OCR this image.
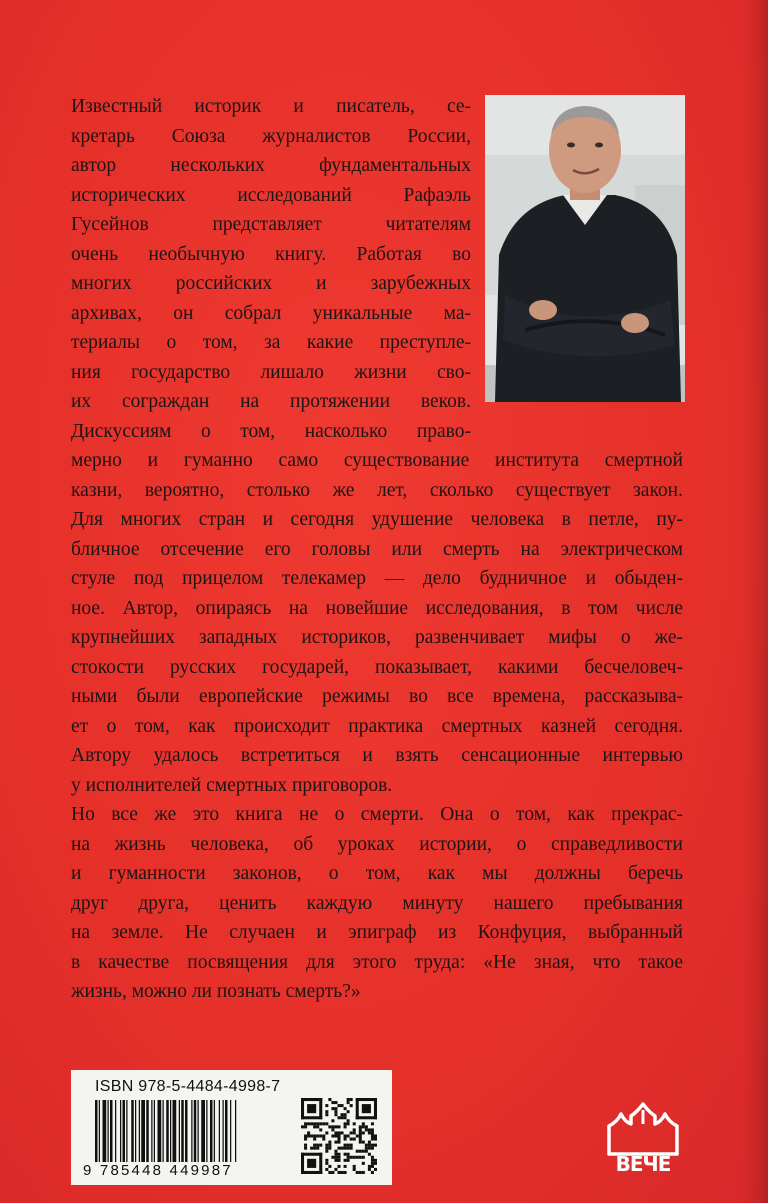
Известный историк и писатель, се-
кретарь Союза журналистов России,
автор нескольких фундаментальных
исторических исследований Рафаэль
Гусейнов представляет читателям
очень необычную книгу. Работая во
многих российских и зарубежных
архивах, он собрал уникальные ма-
териалы о том, за какие преступле-
ния государство лишало жизни сво-
их сограждан на протяжении веков.
Дискуссиям о том, насколько право-

мерно и гуманно само существование института смертной
казни, вероятно, столько же лет, сколько существует закон.
Для многих стран и сегодня удушение человека в петле, пу-
бличное отсечение его головы или смерть на электрическом
стуле под прицелом телекамер — дело будничное и обыден-
ное. Автор, опираясь на новейшие исследования, в том числе
крупнейших западных историков, развенчивает мифы о же-
стокости русских государей, показывает, какими бесчеловеч-
ными были европейские режимы во все времена, рассказыва-
ет о том, как происходит практика смертных казней сегодня.
Автору удалось встретиться и взять сенсационные интервью
у исполнителей смертных приговоров.

Но все же это книга не о смерти. Она о том, как прекрас-
на жизнь человека, об уроках истории, о справедливости
и гуманности законов, о том, как мы должны беречь
друг друга, ценить каждую минуту нашего пребывания
на земле. Не случаен и эпиграф из Конфуция, выбранный
в качестве посвящения для этого труда: «Не зная, что такое
жизнь, можно ли познать смерть?»

ISBN 978-5-4484-4998-7
9 785448 449987	ВЕЧЕ
